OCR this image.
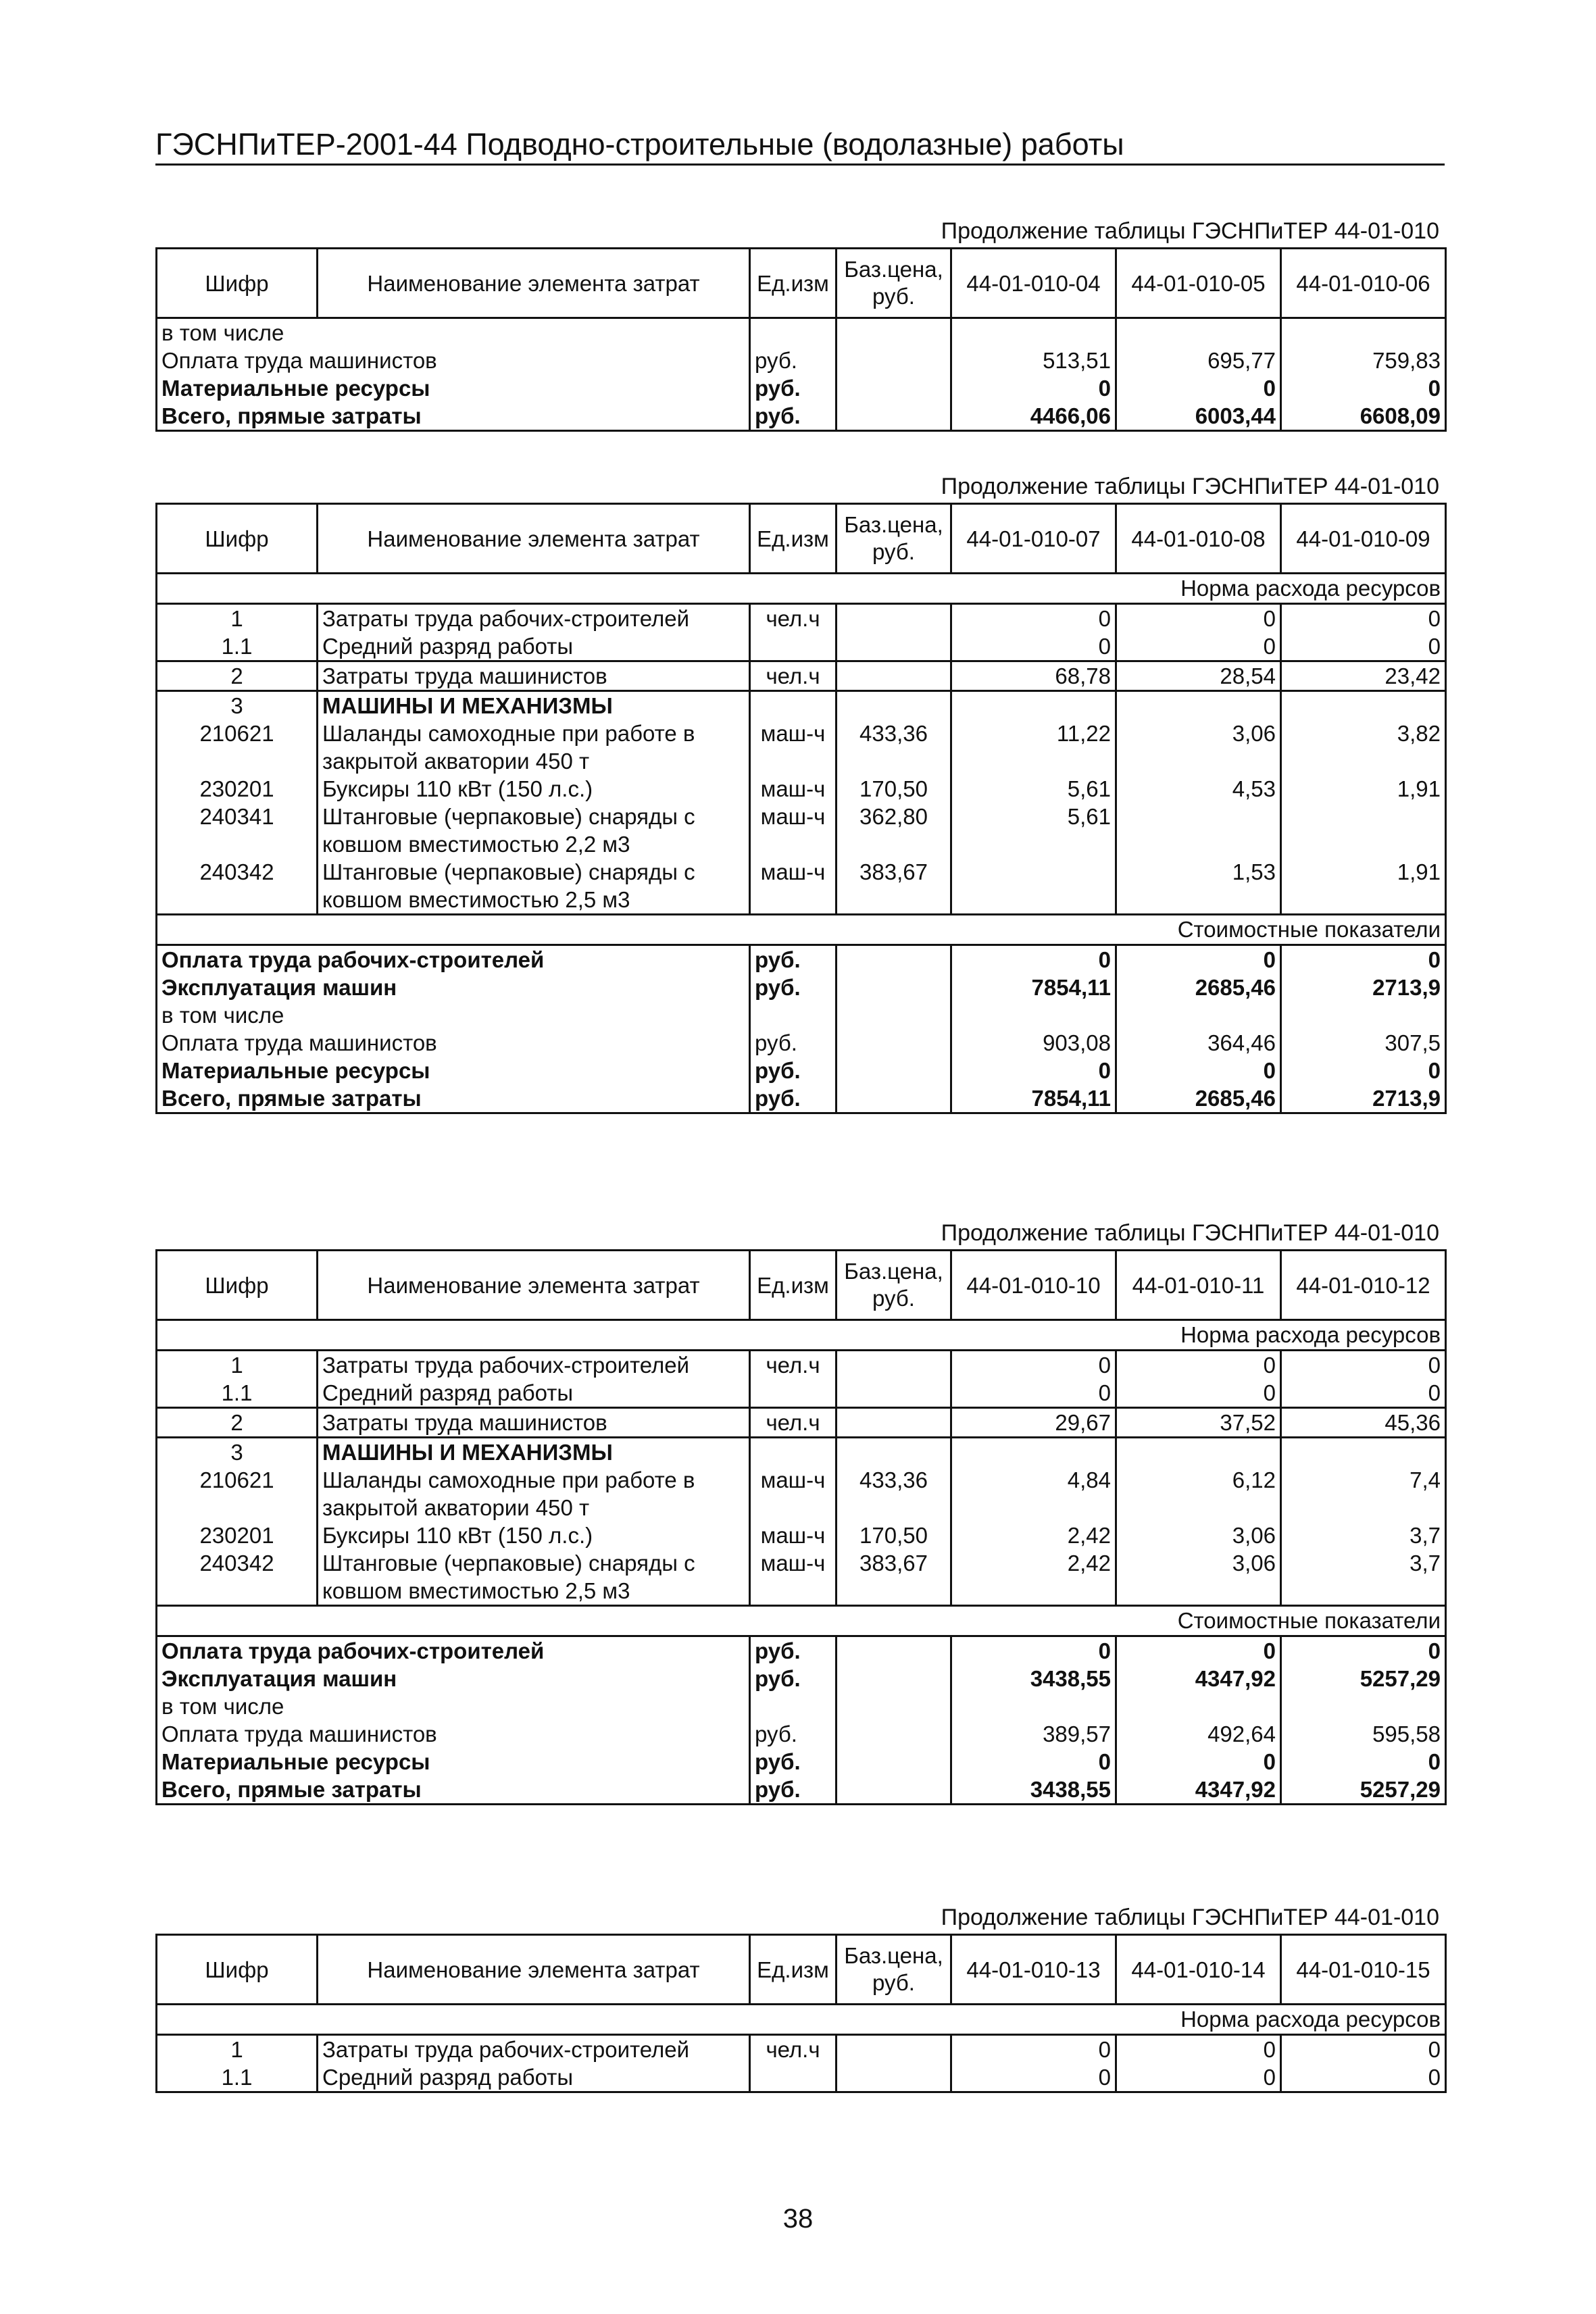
ГЭСНПиТЕР-2001-44 Подводно-строительные (водолазные) работы
Продолжение таблицы ГЭСНПиТЕР 44-01-010
Шифр	Наименование элемента затрат	Ед.изм	Баз.цена, руб.	44-01-010-04	44-01-010-05	44-01-010-06
в том числе						
Оплата труда машинистов		руб.		513,51	695,77	759,83
Материальные ресурсы		руб.		0	0	0
Всего, прямые затраты		руб.		4466,06	6003,44	6608,09
Продолжение таблицы ГЭСНПиТЕР 44-01-010
Шифр	Наименование элемента затрат	Ед.изм	Баз.цена, руб.	44-01-010-07	44-01-010-08	44-01-010-09
Норма расхода ресурсов						
1	Затраты труда рабочих-строителей	чел.ч		0	0	0
1.1	Средний разряд работы			0	0	0
2	Затраты труда машинистов	чел.ч		68,78	28,54	23,42
3	МАШИНЫ И МЕХАНИЗМЫ					
210621	Шаланды самоходные при работе в закрытой акватории 450 т	маш-ч	433,36	11,22	3,06	3,82
230201	Буксиры 110 кВт (150 л.с.)	маш-ч	170,50	5,61	4,53	1,91
240341	Штанговые (черпаковые) снаряды с ковшом вместимостью 2,2 м3	маш-ч	362,80	5,61		
240342	Штанговые (черпаковые) снаряды с ковшом вместимостью 2,5 м3	маш-ч	383,67		1,53	1,91
Стоимостные показатели						
Оплата труда рабочих-строителей		руб.		0	0	0
Эксплуатация машин		руб.		7854,11	2685,46	2713,9
в том числе						
Оплата труда машинистов		руб.		903,08	364,46	307,5
Материальные ресурсы		руб.		0	0	0
Всего, прямые затраты		руб.		7854,11	2685,46	2713,9
Продолжение таблицы ГЭСНПиТЕР 44-01-010
Шифр	Наименование элемента затрат	Ед.изм	Баз.цена, руб.	44-01-010-10	44-01-010-11	44-01-010-12
Норма расхода ресурсов						
1	Затраты труда рабочих-строителей	чел.ч		0	0	0
1.1	Средний разряд работы			0	0	0
2	Затраты труда машинистов	чел.ч		29,67	37,52	45,36
3	МАШИНЫ И МЕХАНИЗМЫ					
210621	Шаланды самоходные при работе в закрытой акватории 450 т	маш-ч	433,36	4,84	6,12	7,4
230201	Буксиры 110 кВт (150 л.с.)	маш-ч	170,50	2,42	3,06	3,7
240342	Штанговые (черпаковые) снаряды с ковшом вместимостью 2,5 м3	маш-ч	383,67	2,42	3,06	3,7
Стоимостные показатели						
Оплата труда рабочих-строителей		руб.		0	0	0
Эксплуатация машин		руб.		3438,55	4347,92	5257,29
в том числе						
Оплата труда машинистов		руб.		389,57	492,64	595,58
Материальные ресурсы		руб.		0	0	0
Всего, прямые затраты		руб.		3438,55	4347,92	5257,29
Продолжение таблицы ГЭСНПиТЕР 44-01-010
Шифр	Наименование элемента затрат	Ед.изм	Баз.цена, руб.	44-01-010-13	44-01-010-14	44-01-010-15
Норма расхода ресурсов						
1	Затраты труда рабочих-строителей	чел.ч		0	0	0
1.1	Средний разряд работы			0	0	0
38
